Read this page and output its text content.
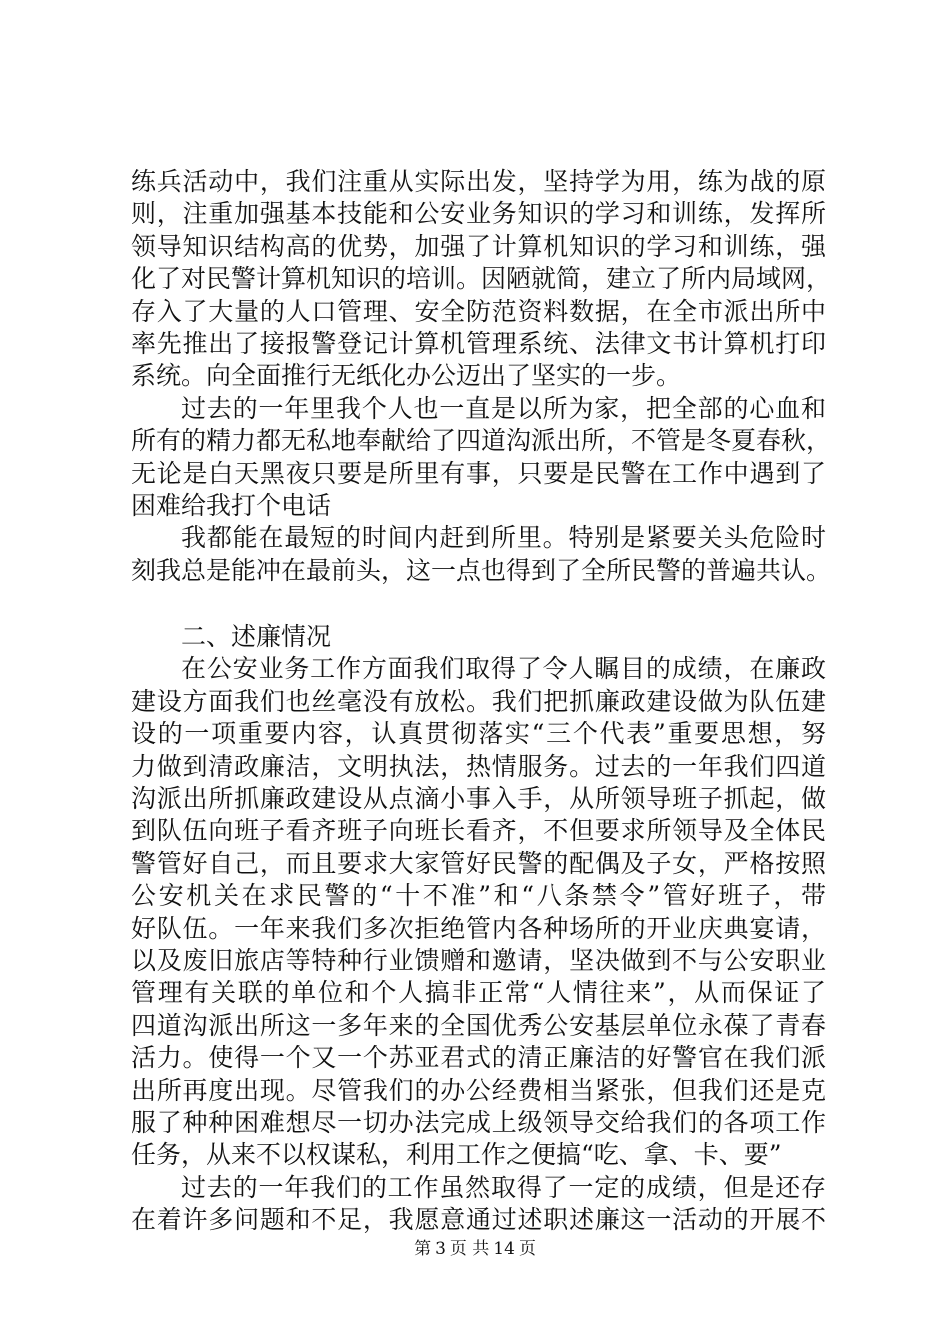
练兵活动中，我们注重从实际出发，坚持学为用，练为战的原
则，注重加强基本技能和公安业务知识的学习和训练，发挥所
领导知识结构高的优势，加强了计算机知识的学习和训练，强
化了对民警计算机知识的培训。因陋就简，建立了所内局域网，
存入了大量的人口管理、安全防范资料数据，在全市派出所中
率先推出了接报警登记计算机管理系统、法律文书计算机打印
系统。向全面推行无纸化办公迈出了坚实的一步。
过去的一年里我个人也一直是以所为家，把全部的心血和
所有的精力都无私地奉献给了四道沟派出所，不管是冬夏春秋，
无论是白天黑夜只要是所里有事，只要是民警在工作中遇到了
困难给我打个电话
我都能在最短的时间内赶到所里。特别是紧要关头危险时
刻我总是能冲在最前头，这一点也得到了全所民警的普遍共认。
二、述廉情况
在公安业务工作方面我们取得了令人瞩目的成绩，在廉政
建设方面我们也丝毫没有放松。我们把抓廉政建设做为队伍建
设的一项重要内容，认真贯彻落实“三个代表”重要思想，努
力做到清政廉洁，文明执法，热情服务。过去的一年我们四道
沟派出所抓廉政建设从点滴小事入手，从所领导班子抓起，做
到队伍向班子看齐班子向班长看齐，不但要求所领导及全体民
警管好自己，而且要求大家管好民警的配偶及子女，严格按照
公安机关在求民警的“十不准”和“八条禁令”管好班子，带
好队伍。一年来我们多次拒绝管内各种场所的开业庆典宴请，
以及废旧旅店等特种行业馈赠和邀请，坚决做到不与公安职业
管理有关联的单位和个人搞非正常“人情往来”，从而保证了
四道沟派出所这一多年来的全国优秀公安基层单位永葆了青春
活力。使得一个又一个苏亚君式的清正廉洁的好警官在我们派
出所再度出现。尽管我们的办公经费相当紧张，但我们还是克
服了种种困难想尽一切办法完成上级领导交给我们的各项工作
任务，从来不以权谋私，利用工作之便搞“吃、拿、卡、要”
过去的一年我们的工作虽然取得了一定的成绩，但是还存
在着许多问题和不足，我愿意通过述职述廉这一活动的开展不
第 3 页 共 14 页
